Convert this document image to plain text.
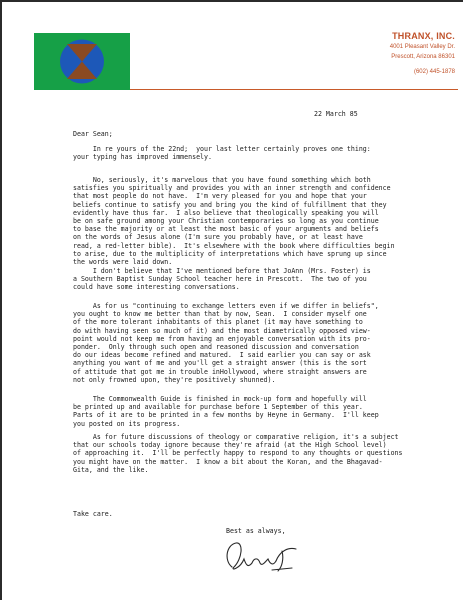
THRANX, INC.
4001 Pleasant Valley Dr.
Prescott, Arizona 86301
(602) 445-1878
22 March 85
Dear Sean;
In re yours of the 22nd;  your last letter certainly proves one thing:
your typing has improved immensely.
No, seriously, it's marvelous that you have found something which both
satisfies you spiritually and provides you with an inner strength and confidence
that most people do not have.  I'm very pleased for you and hope that your
beliefs continue to satisfy you and bring you the kind of fulfillment that they
evidently have thus far.  I also believe that theologically speaking you will
be on safe ground among your Christian contemporaries so long as you continue
to base the majority or at least the most basic of your arguments and beliefs
on the words of Jesus alone (I'm sure you probably have, or at least have
read, a red-letter bible).  It's elsewhere with the book where difficulties begin
to arise, due to the multiplicity of interpretations which have sprung up since
the words were laid down.
I don't believe that I've mentioned before that JoAnn (Mrs. Foster) is
a Southern Baptist Sunday School teacher here in Prescott.  The two of you
could have some interesting conversations.
As for us "continuing to exchange letters even if we differ in beliefs",
you ought to know me better than that by now, Sean.  I consider myself one
of the more tolerant inhabitants of this planet (it may have something to
do with having seen so much of it) and the most diametrically opposed view-
point would not keep me from having an enjoyable conversation with its pro-
ponder.  Only through such open and reasoned discussion and conversation
do our ideas become refined and matured.  I said earlier you can say or ask
anything you want of me and you'll get a straight answer (this is the sort
of attitude that got me in trouble inHollywood, where straight answers are
not only frowned upon, they're positively shunned).
The Commonwealth Guide is finished in mock-up form and hopefully will
be printed up and available for purchase before 1 September of this year.
Parts of it are to be printed in a few months by Heyne in Germany.  I'll keep
you posted on its progress.
As for future discussions of theology or comparative religion, it's a subject
that our schools today ignore because they're afraid (at the High School level)
of approaching it.  I'll be perfectly happy to respond to any thoughts or questions
you might have on the matter.  I know a bit about the Koran, and the Bhagavad-
Gita, and the like.
Take care.
Best as always,
